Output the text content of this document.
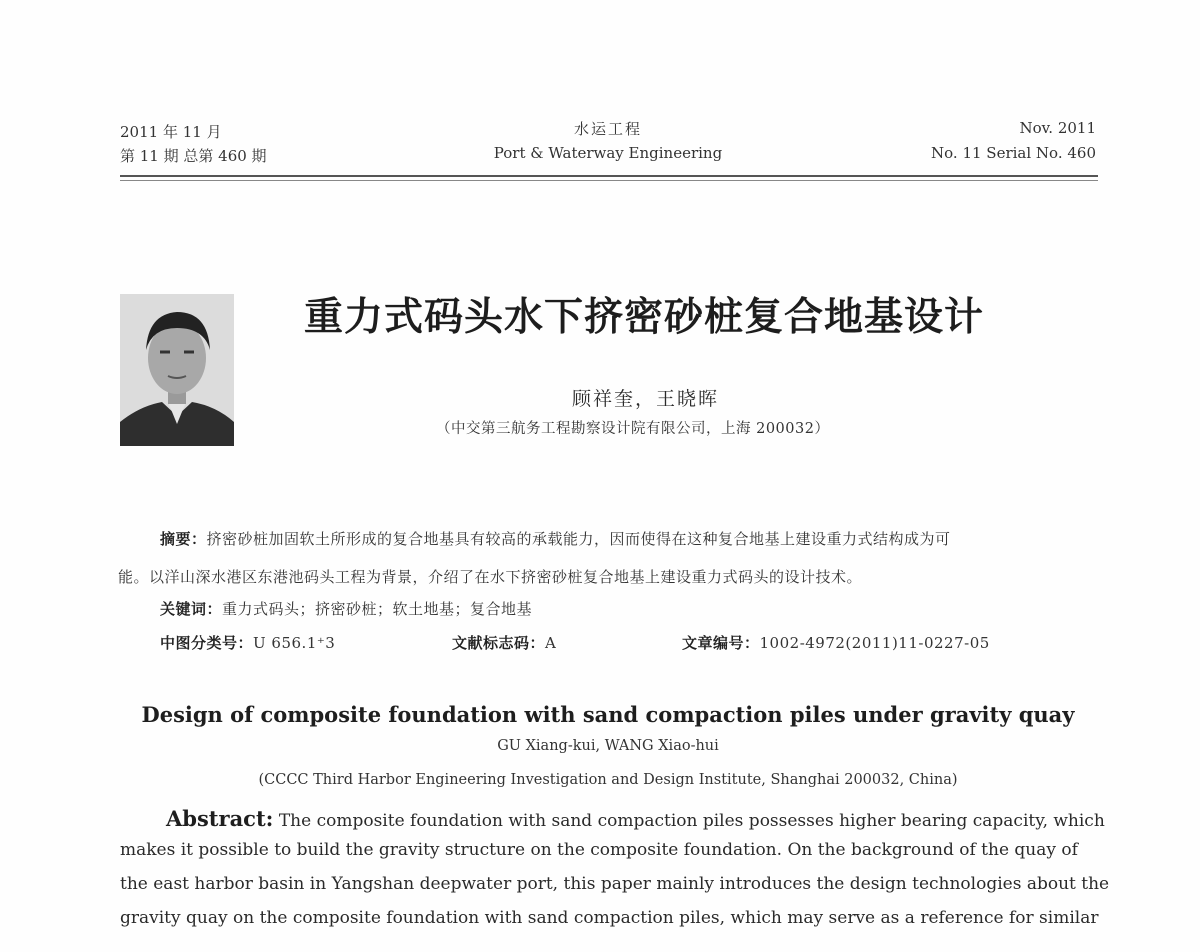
2011 年 11 月
第 11 期 总第 460 期
水运工程
Port & Waterway Engineering
Nov. 2011
No. 11 Serial No. 460
重力式码头水下挤密砂桩复合地基设计
顾祥奎，王晓晖
（中交第三航务工程勘察设计院有限公司，上海 200032）
摘要：挤密砂桩加固软土所形成的复合地基具有较高的承载能力，因而使得在这种复合地基上建设重力式结构成为可
能。以洋山深水港区东港池码头工程为背景，介绍了在水下挤密砂桩复合地基上建设重力式码头的设计技术。
关键词：重力式码头；挤密砂桩；软土地基；复合地基
中图分类号：U 656.1⁺3	文献标志码：A	文章编号：1002-4972(2011)11-0227-05
Design of composite foundation with sand compaction piles under gravity quay
GU Xiang-kui, WANG Xiao-hui
(CCCC Third Harbor Engineering Investigation and Design Institute, Shanghai 200032, China)
Abstract: The composite foundation with sand compaction piles possesses higher bearing capacity, which
makes it possible to build the gravity structure on the composite foundation. On the background of the quay of
the east harbor basin in Yangshan deepwater port, this paper mainly introduces the design technologies about the
gravity quay on the composite foundation with sand compaction piles, which may serve as a reference for similar
